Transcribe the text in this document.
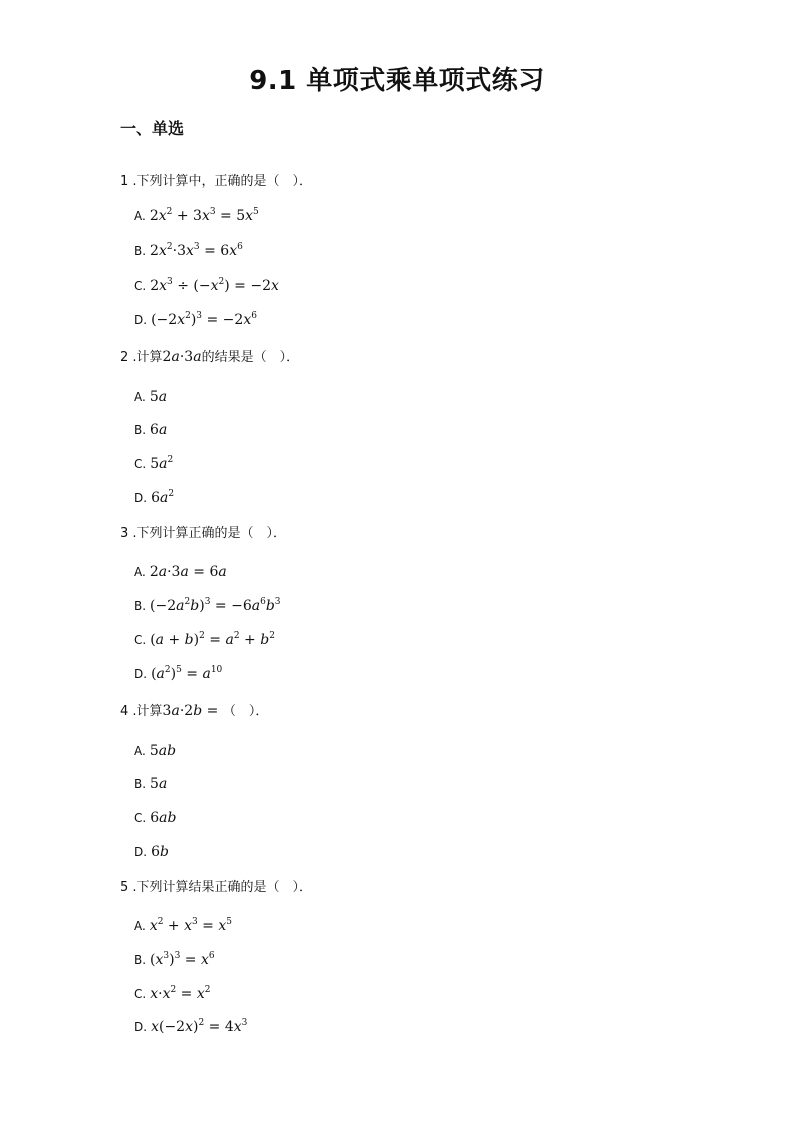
9.1 单项式乘单项式练习
一、单选
1 .下列计算中，正确的是（　）．
A. $2x^2 + 3x^3 = 5x^5$
B. $2x^2\cdot 3x^3 = 6x^6$
C. $2x^3 \div (-x^2) = -2x$
D. $(-2x^2)^3 = -2x^6$
2 .计算2a·3a的结果是（　）．
A. 5a
B. 6a
C. $5a^2$
D. $6a^2$
3 .下列计算正确的是（　）．
A. 2a·3a = 6a
B. $(-2a^2b)^3 = -6a^6b^3$
C. $(a + b)^2 = a^2 + b^2$
D. $(a^2)^5 = a^{10}$
4 .计算3a·2b = （　）．
A. 5ab
B. 5a
C. 6ab
D. 6b
5 .下列计算结果正确的是（　）．
A. $x^2 + x^3 = x^5$
B. $(x^3)^3 = x^6$
C. $x\cdot x^2 = x^2$
D. $x(-2x)^2 = 4x^3$
